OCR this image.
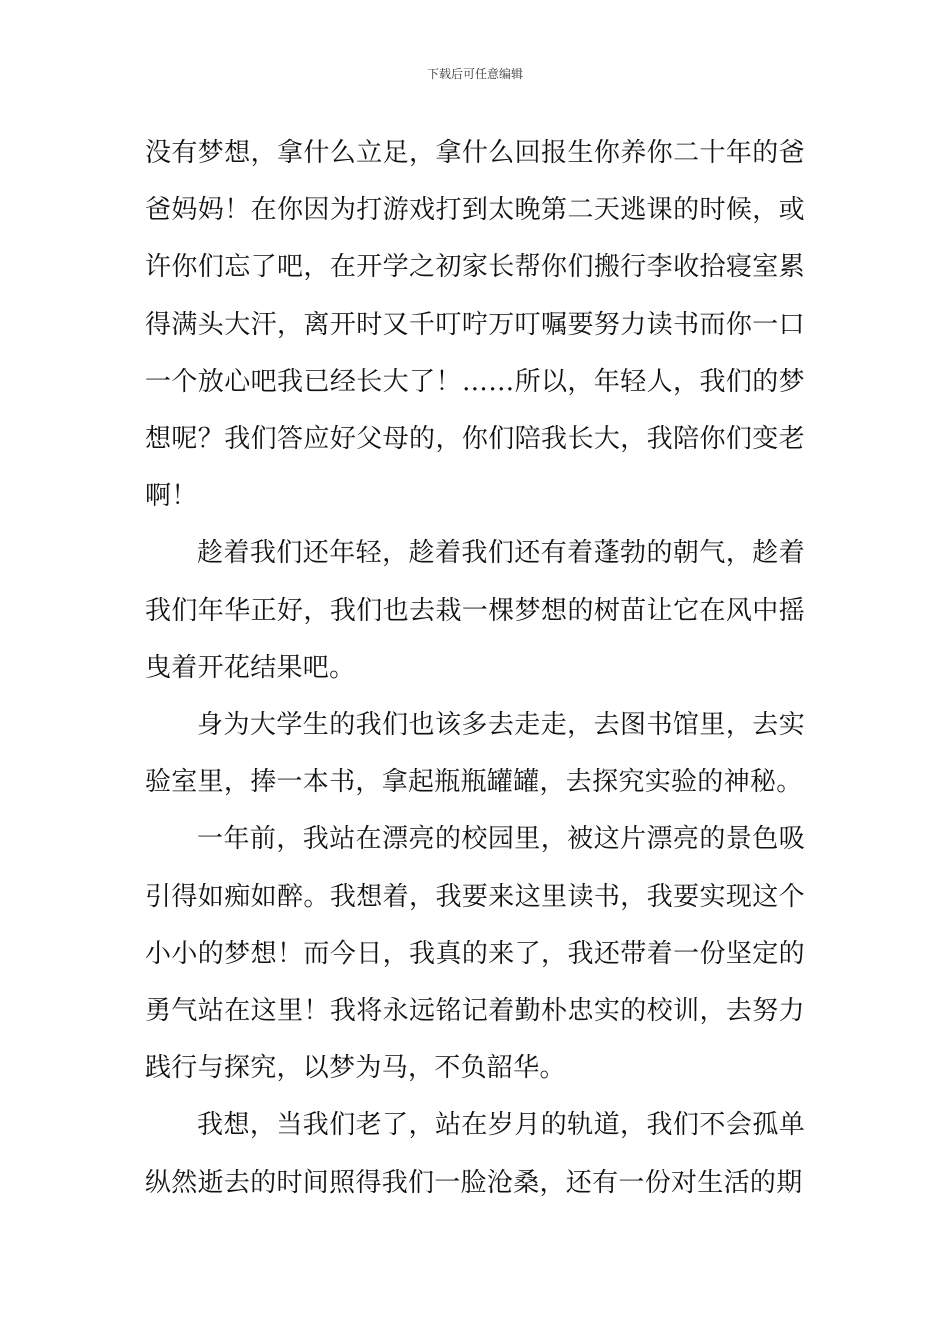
下载后可任意编辑

没有梦想，拿什么立足，拿什么回报生你养你二十年的爸爸妈妈！在你因为打游戏打到太晚第二天逃课的时候，或许你们忘了吧，在开学之初家长帮你们搬行李收拾寝室累得满头大汗，离开时又千叮咛万叮嘱要努力读书而你一口一个放心吧我已经长大了！……所以，年轻人，我们的梦想呢？我们答应好父母的，你们陪我长大，我陪你们变老啊！

趁着我们还年轻，趁着我们还有着蓬勃的朝气，趁着我们年华正好，我们也去栽一棵梦想的树苗让它在风中摇曳着开花结果吧。

身为大学生的我们也该多去走走，去图书馆里，去实验室里，捧一本书，拿起瓶瓶罐罐，去探究实验的神秘。

一年前，我站在漂亮的校园里，被这片漂亮的景色吸引得如痴如醉。我想着，我要来这里读书，我要实现这个小小的梦想！而今日，我真的来了，我还带着一份坚定的勇气站在这里！我将永远铭记着勤朴忠实的校训，去努力践行与探究，以梦为马，不负韶华。

我想，当我们老了，站在岁月的轨道，我们不会孤单纵然逝去的时间照得我们一脸沧桑，还有一份对生活的期
